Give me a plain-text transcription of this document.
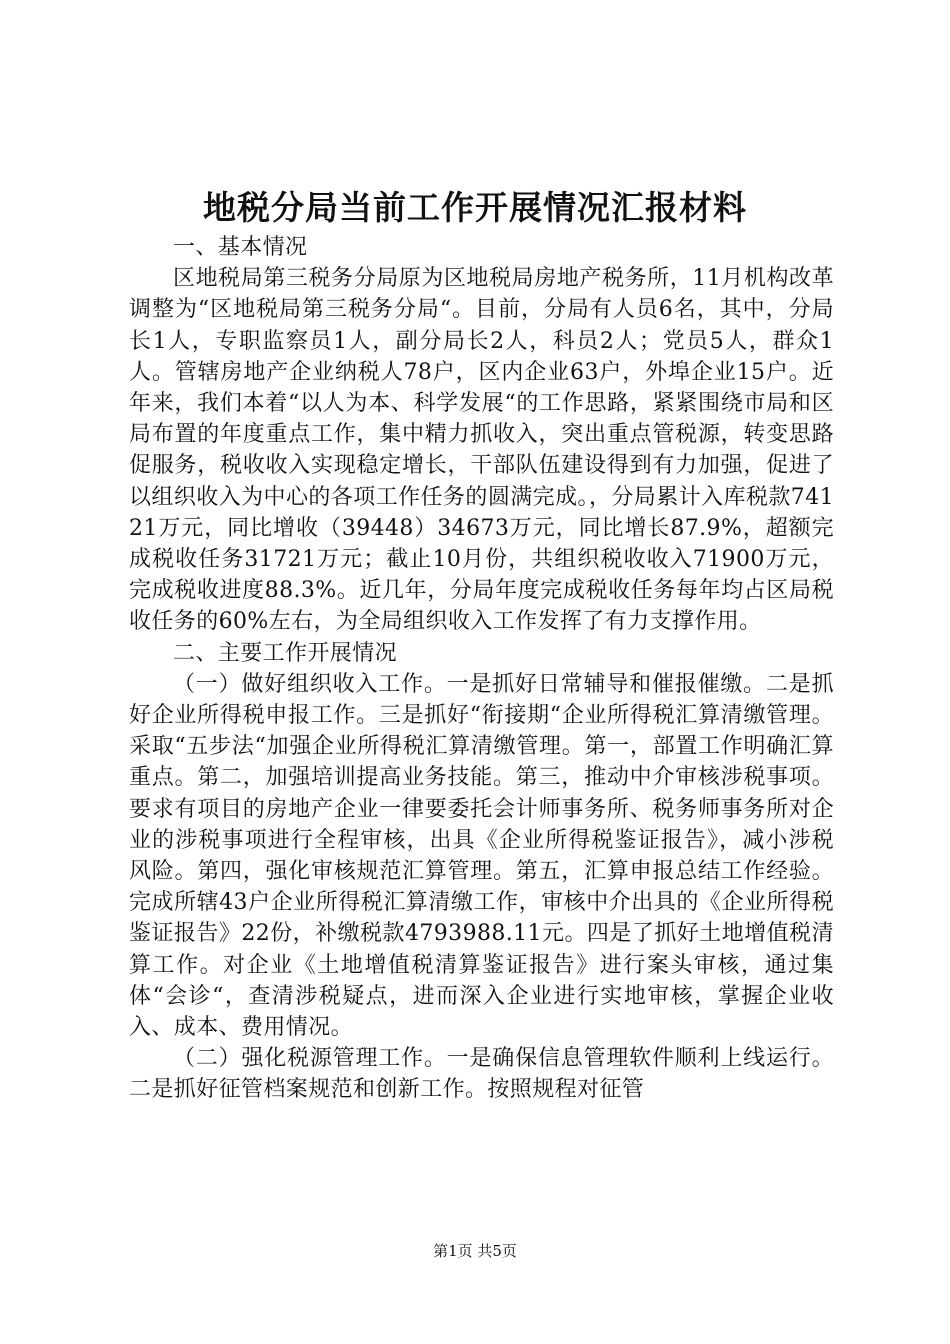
地税分局当前工作开展情况汇报材料

一、基本情况

区地税局第三税务分局原为区地税局房地产税务所，11月机构改革调整为“区地税局第三税务分局“。目前，分局有人员6名，其中，分局长1人，专职监察员1人，副分局长2人，科员2人；党员5人，群众1人。管辖房地产企业纳税人78户，区内企业63户，外埠企业15户。近年来，我们本着“以人为本、科学发展“的工作思路，紧紧围绕市局和区局布置的年度重点工作，集中精力抓收入，突出重点管税源，转变思路促服务，税收收入实现稳定增长，干部队伍建设得到有力加强，促进了以组织收入为中心的各项工作任务的圆满完成。，分局累计入库税款74121万元，同比增收（39448）34673万元，同比增长87.9%，超额完成税收任务31721万元；截止10月份，共组织税收收入71900万元，完成税收进度88.3%。近几年，分局年度完成税收任务每年均占区局税收任务的60%左右，为全局组织收入工作发挥了有力支撑作用。

二、主要工作开展情况

（一）做好组织收入工作。一是抓好日常辅导和催报催缴。二是抓好企业所得税申报工作。三是抓好“衔接期“企业所得税汇算清缴管理。采取“五步法“加强企业所得税汇算清缴管理。第一，部置工作明确汇算重点。第二，加强培训提高业务技能。第三，推动中介审核涉税事项。要求有项目的房地产企业一律要委托会计师事务所、税务师事务所对企业的涉税事项进行全程审核，出具《企业所得税鉴证报告》，减小涉税风险。第四，强化审核规范汇算管理。第五，汇算申报总结工作经验。完成所辖43户企业所得税汇算清缴工作，审核中介出具的《企业所得税鉴证报告》22份，补缴税款4793988.11元。四是了抓好土地增值税清算工作。对企业《土地增值税清算鉴证报告》进行案头审核，通过集体“会诊“，查清涉税疑点，进而深入企业进行实地审核，掌握企业收入、成本、费用情况。

（二）强化税源管理工作。一是确保信息管理软件顺利上线运行。二是抓好征管档案规范和创新工作。按照规程对征管

第1页 共5页
